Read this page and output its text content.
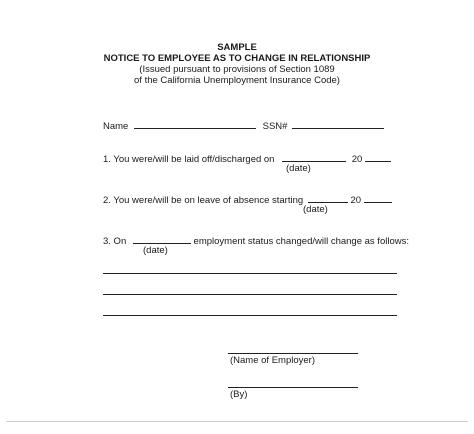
SAMPLE
NOTICE TO EMPLOYEE AS TO CHANGE IN RELATIONSHIP
(Issued pursuant to provisions of Section 1089
of the California Unemployment Insurance Code)
Name	SSN#
1. You were/will be laid off/discharged on	20
(date)
2. You were/will be on leave of absence starting	20
(date)
3. On	employment status changed/will change as follows:
(date)
(Name of Employer)
(By)
